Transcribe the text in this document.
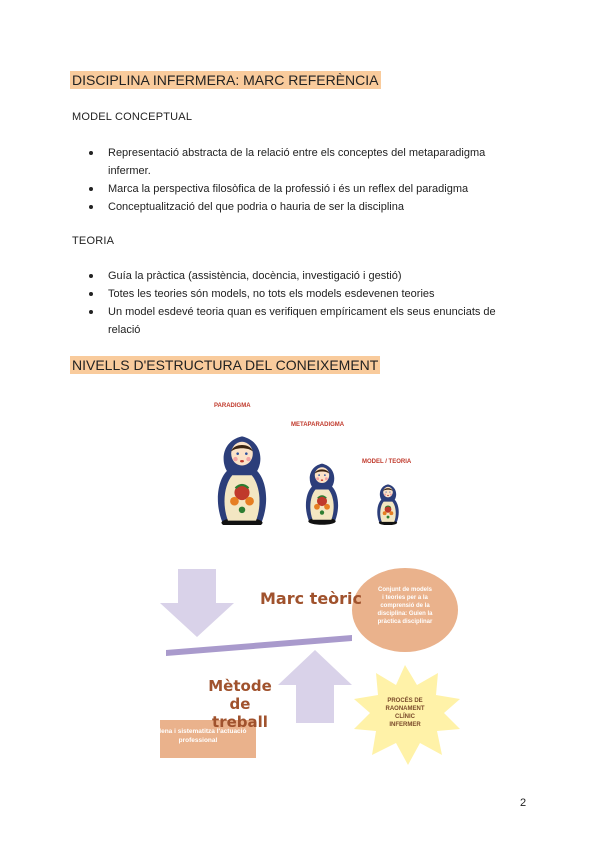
DISCIPLINA INFERMERA: MARC REFERÈNCIA
MODEL CONCEPTUAL
Representació abstracta de la relació entre els conceptes del metaparadigma infermer.
Marca la perspectiva filosòfica de la professió i és un reflex del paradigma
Conceptualització del que podria o hauria de ser la disciplina
TEORIA
Guía la pràctica (assistència, docència, investigació i gestió)
Totes les teories són models, no tots els models esdevenen teories
Un model esdevé teoria quan es verifiquen empíricament els seus enunciats de relació
NIVELLS D'ESTRUCTURA DEL CONEIXEMENT
PARADIGMA
METAPARADIGMA
MODEL / TEORIA
Marc teòric
Mètode
de treball
Conjunt de models
i teories per a la
comprensió de la
disciplina: Guien la
pràctica disciplinar
PROCÉS DE
RAONAMENT
CLÍNIC
INFERMER
Ordena i sistematitza l'actuació
professional
2
